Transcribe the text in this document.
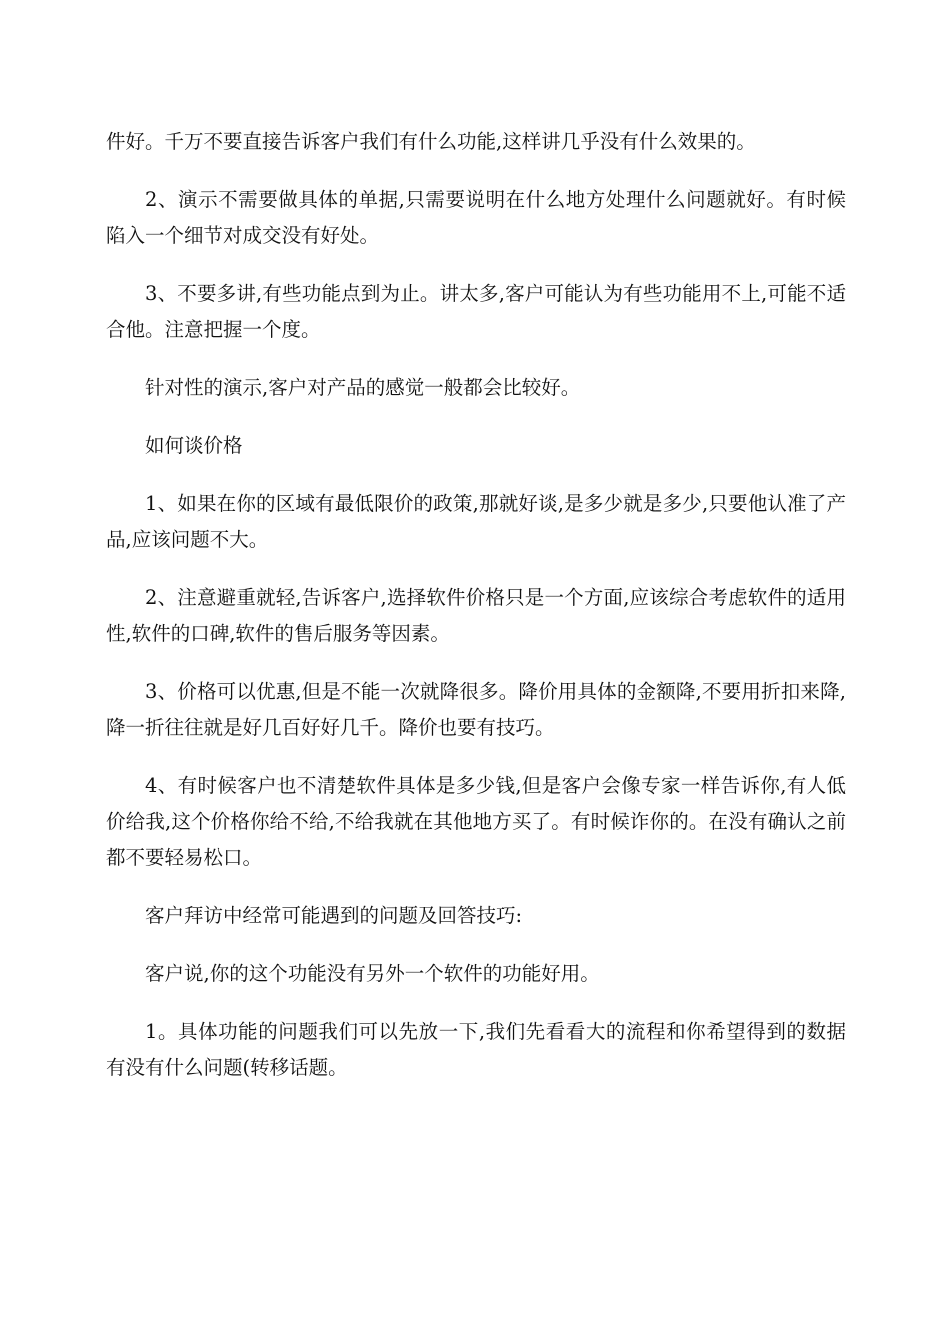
件好。千万不要直接告诉客户我们有什么功能,这样讲几乎没有什么效果的。

2、演示不需要做具体的单据,只需要说明在什么地方处理什么问题就好。有时候陷入一个细节对成交没有好处。

3、不要多讲,有些功能点到为止。讲太多,客户可能认为有些功能用不上,可能不适合他。注意把握一个度。

针对性的演示,客户对产品的感觉一般都会比较好。

如何谈价格

1、如果在你的区域有最低限价的政策,那就好谈,是多少就是多少,只要他认准了产品,应该问题不大。

2、注意避重就轻,告诉客户,选择软件价格只是一个方面,应该综合考虑软件的适用性,软件的口碑,软件的售后服务等因素。

3、价格可以优惠,但是不能一次就降很多。降价用具体的金额降,不要用折扣来降,降一折往往就是好几百好好几千。降价也要有技巧。

4、有时候客户也不清楚软件具体是多少钱,但是客户会像专家一样告诉你,有人低价给我,这个价格你给不给,不给我就在其他地方买了。有时候诈你的。在没有确认之前都不要轻易松口。

客户拜访中经常可能遇到的问题及回答技巧:

客户说,你的这个功能没有另外一个软件的功能好用。

1。具体功能的问题我们可以先放一下,我们先看看大的流程和你希望得到的数据有没有什么问题(转移话题。
